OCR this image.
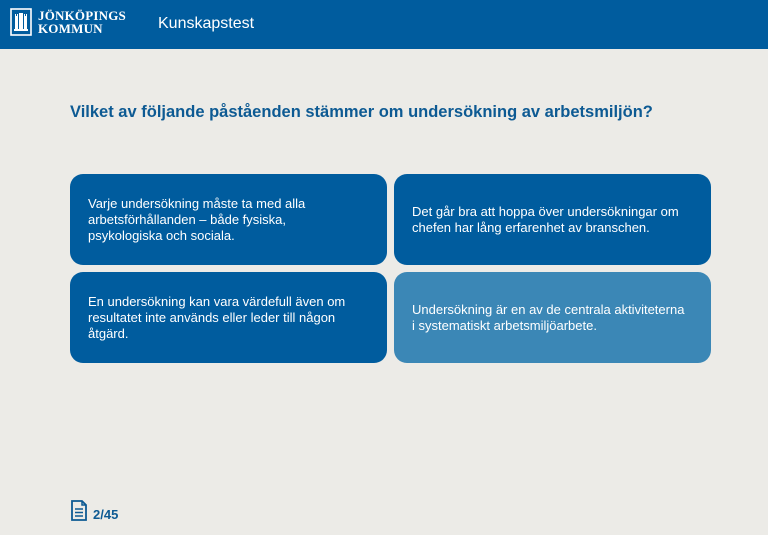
JÖNKÖPINGS
KOMMUN	Kunskapstest
Vilket av följande påståenden stämmer om undersökning av arbetsmiljön?
Varje undersökning måste ta med alla arbetsförhållanden – både fysiska, psykologiska och sociala.
Det går bra att hoppa över undersökningar om chefen har lång erfarenhet av branschen.
En undersökning kan vara värdefull även om resultatet inte används eller leder till någon åtgärd.
Undersökning är en av de centrala aktiviteterna i systematiskt arbetsmiljöarbete.
2/45
